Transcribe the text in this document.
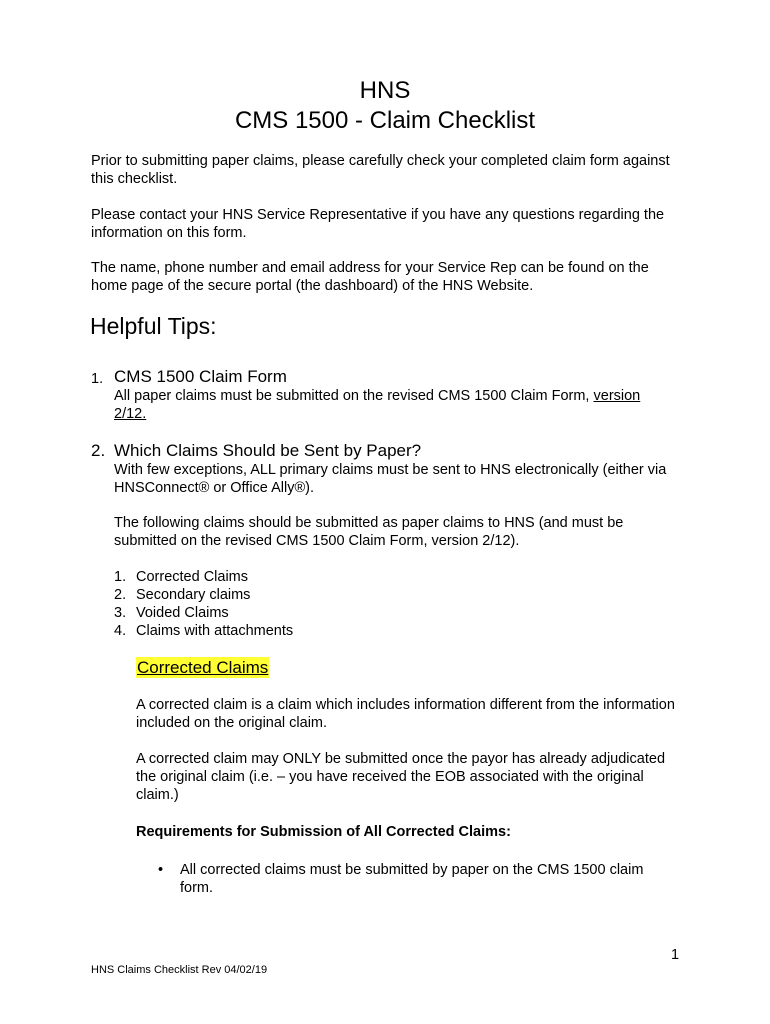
HNS
CMS 1500 - Claim Checklist
Prior to submitting paper claims, please carefully check your completed claim form against this checklist.
Please contact your HNS Service Representative if you have any questions regarding the information on this form.
The name, phone number and email address for your Service Rep can be found on the home page of the secure portal (the dashboard) of the HNS Website.
Helpful Tips:
1. CMS 1500 Claim Form
All paper claims must be submitted on the revised CMS 1500 Claim Form, version 2/12.
2. Which Claims Should be Sent by Paper?
With few exceptions, ALL primary claims must be sent to HNS electronically (either via HNSConnect® or Office Ally®).
The following claims should be submitted as paper claims to HNS (and must be submitted on the revised CMS 1500 Claim Form, version 2/12).
1. Corrected Claims
2. Secondary claims
3. Voided Claims
4. Claims with attachments
Corrected Claims
A corrected claim is a claim which includes information different from the information included on the original claim.
A corrected claim may ONLY be submitted once the payor has already adjudicated the original claim (i.e. – you have received the EOB associated with the original claim.)
Requirements for Submission of All Corrected Claims:
• All corrected claims must be submitted by paper on the CMS 1500 claim form.
1
HNS Claims Checklist Rev 04/02/19
